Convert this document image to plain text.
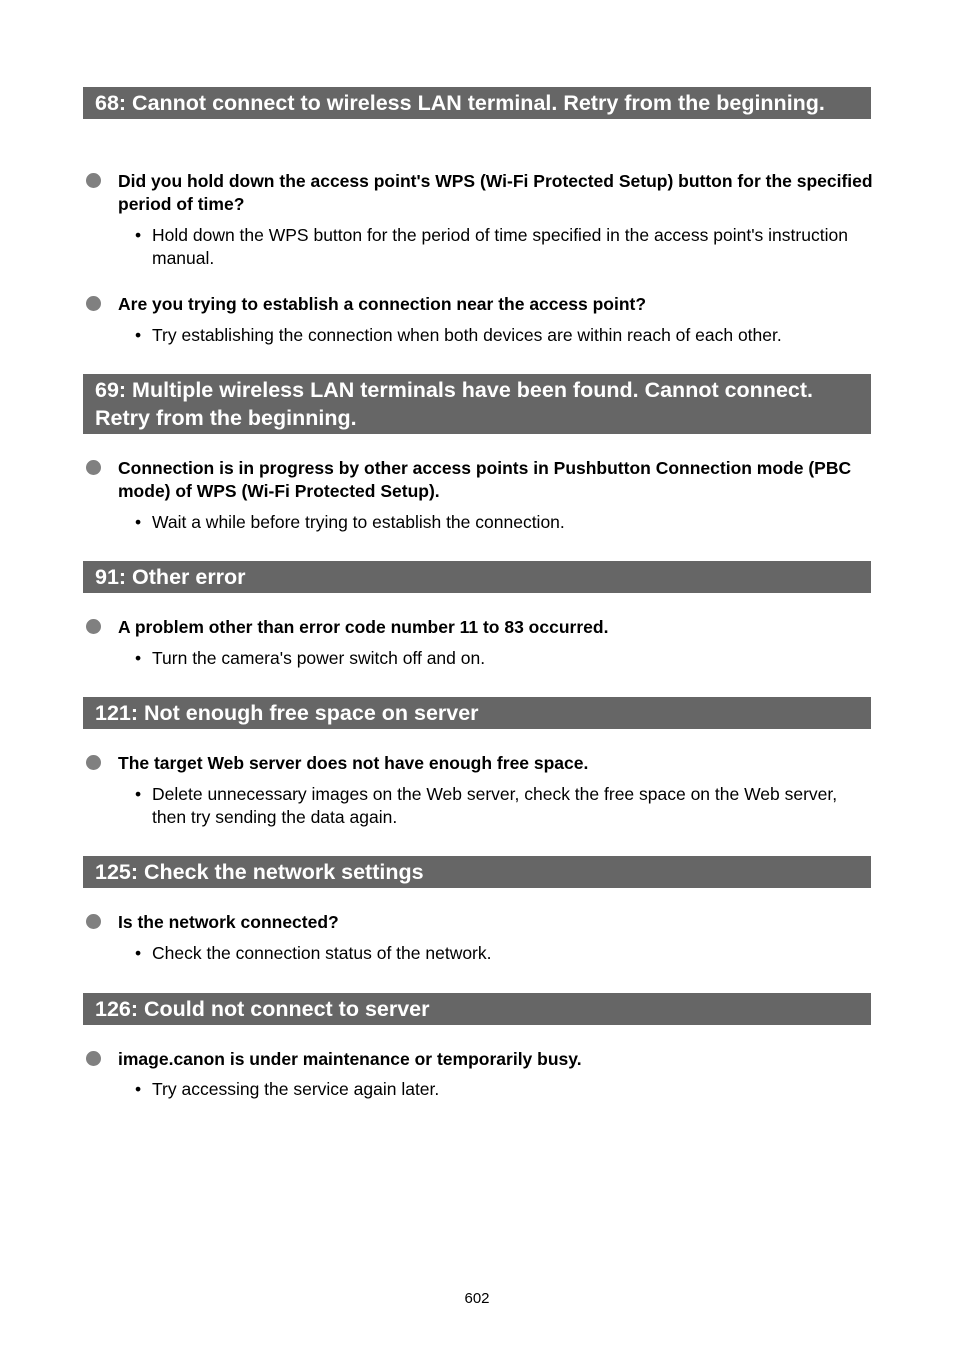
68: Cannot connect to wireless LAN terminal. Retry from the beginning.
Did you hold down the access point's WPS (Wi-Fi Protected Setup) button for the specified period of time?
• Hold down the WPS button for the period of time specified in the access point's instruction manual.
Are you trying to establish a connection near the access point?
• Try establishing the connection when both devices are within reach of each other.
69: Multiple wireless LAN terminals have been found. Cannot connect. Retry from the beginning.
Connection is in progress by other access points in Pushbutton Connection mode (PBC mode) of WPS (Wi-Fi Protected Setup).
• Wait a while before trying to establish the connection.
91: Other error
A problem other than error code number 11 to 83 occurred.
• Turn the camera's power switch off and on.
121: Not enough free space on server
The target Web server does not have enough free space.
• Delete unnecessary images on the Web server, check the free space on the Web server, then try sending the data again.
125: Check the network settings
Is the network connected?
• Check the connection status of the network.
126: Could not connect to server
image.canon is under maintenance or temporarily busy.
• Try accessing the service again later.
602
